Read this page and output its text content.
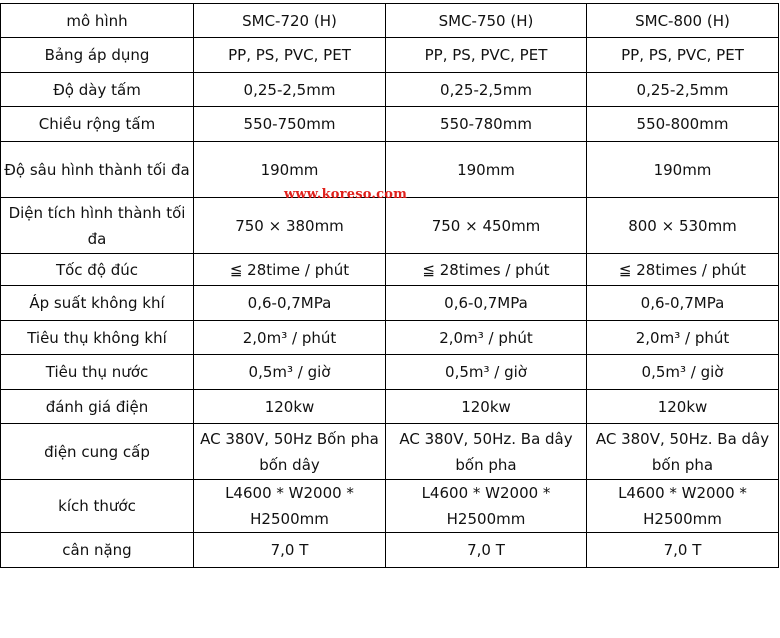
mô hình	SMC-720 (H)	SMC-750 (H)	SMC-800 (H)
Bảng áp dụng	PP, PS, PVC, PET	PP, PS, PVC, PET	PP, PS, PVC, PET
Độ dày tấm	0,25-2,5mm	0,25-2,5mm	0,25-2,5mm
Chiều rộng tấm	550-750mm	550-780mm	550-800mm
Độ sâu hình thành tối đa	190mm	190mm	190mm
Diện tích hình thành tối đa	750 × 380mm	750 × 450mm	800 × 530mm
Tốc độ đúc	≦ 28time / phút	≦ 28times / phút	≦ 28times / phút
Áp suất không khí	0,6-0,7MPa	0,6-0,7MPa	0,6-0,7MPa
Tiêu thụ không khí	2,0m³ / phút	2,0m³ / phút	2,0m³ / phút
Tiêu thụ nước	0,5m³ / giờ	0,5m³ / giờ	0,5m³ / giờ
đánh giá điện	120kw	120kw	120kw
điện cung cấp	AC 380V, 50Hz Bốn pha bốn dây	AC 380V, 50Hz. Ba dây bốn pha	AC 380V, 50Hz. Ba dây bốn pha
kích thước	L4600 * W2000 * H2500mm	L4600 * W2000 * H2500mm	L4600 * W2000 * H2500mm
cân nặng	7,0 T	7,0 T	7,0 T
www.koreso.com
